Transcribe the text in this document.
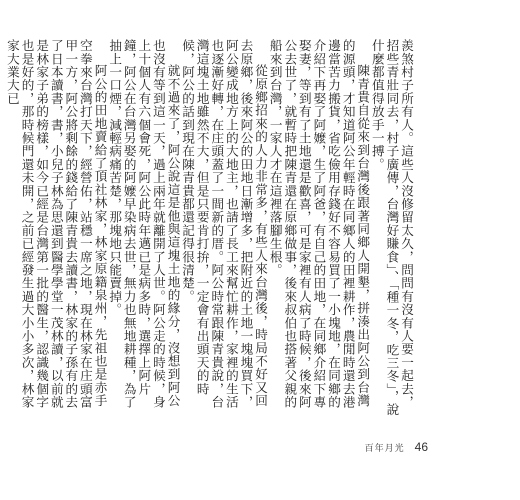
羨煞村子所有人。這些人沒修留太久，問問有沒有人要一起去，招些青壯同去，村子廣傳，台灣好賺食」、「種一冬，吃三冬」，說什麼都值得放手一搏。

陳青貴自從來到台灣後跟著同鄉人開墾，拼湊出阿公到台灣的源頭，才知道阿公年輕時在同鄉人的田裡耕作，農閒時還去港邊當苦力搬貨，省吃儉用存錢好不容易買了一小塊地，在同鄉的介紹下再娶了阿嬤，生了阿爸，有自己的田地，在同鄉介紹下專娶妻，等到有了土地還是歡喜，可是家裡有人病了時候，後來阿公去世了，就暫時把陳青還在原鄉做事，後來叔伯也搭著父親的船來到台灣，一家人才在這裡落腳生根。

從原鄉招來的人力非常多，有些人來台灣後，時局不好又回去原鄉，後來阿公的田地日漸增多，把附近的土地一塊塊買下，阿公變成地方上的大地主，也請了長工來幫忙耕作，家裡的生活也逐漸好轉，在庄頭蓋了一間新的厝。阿公時常跟陳青貴說，台灣這塊土地雖然不大，但是只要肯打拚，一定會有出頭天的時候，阿公的話到現在陳青貴都還記得很清楚。

就不過來了，阿公說這是他與這塊土地的緣分，沒想到阿公也沒有等到這一天，過上兩年就離開了人世。阿公走的時候，身上十個人有六個會死，阿公此時年邁已是病多時，選擇上阿片鐘，阿公在台灣另娶的阿嬤早染病去世，無力也無地耕種，為了抽上一口煙，減輕病痛苦楚，那塊地只能賣掉。

阿公的田地賣給了頂社林家，林家原籍泉州，先祖也是赤手空拳來台灣打天下，經營佑，站穩一席之地，現在林家在庄頭富甲一方，阿公將剩餘的錢給了陳青貴去讀書，林家的子孫有的去了日本讀書，書，小兒子林為思還到醫學學堂一茂林讀，以前就是林家子弟的榜樣，如今已經是台灣第一批的醫生，認識幾個字也是好的，那時候門還未開，之前已經發生過大小小多次，林家家大業大已

百年月光 46
